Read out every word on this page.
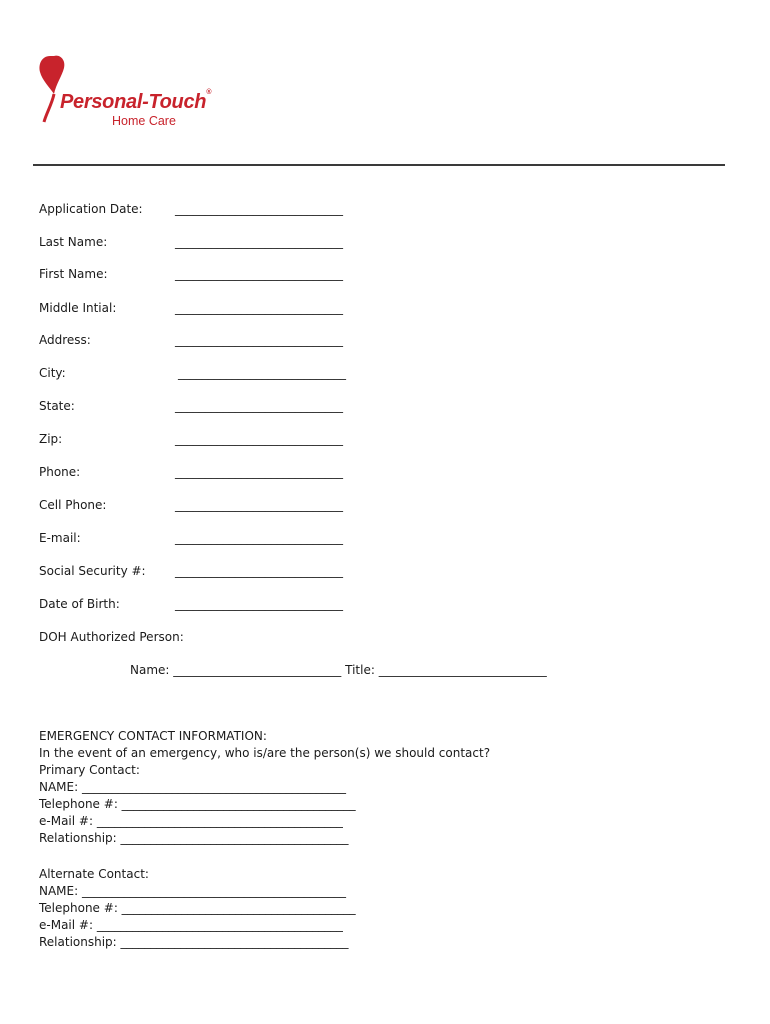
Personal-Touch®
Home Care
Application Date:	____________________________
Last Name:	____________________________
First Name:	____________________________
Middle Intial:	____________________________
Address:	____________________________
City:	____________________________
State:	____________________________
Zip:	____________________________
Phone:	____________________________
Cell Phone:	____________________________
E-mail:	____________________________
Social Security #: ____________________________
Date of Birth:	____________________________
DOH Authorized Person:
Name: ____________________________ Title: ____________________________
EMERGENCY CONTACT INFORMATION:
In the event of an emergency, who is/are the person(s) we should contact?
Primary Contact:
NAME: ____________________________________________
Telephone #: _______________________________________
e-Mail #: _________________________________________
Relationship: ______________________________________
Alternate Contact:
NAME: ____________________________________________
Telephone #: _______________________________________
e-Mail #: _________________________________________
Relationship: ______________________________________
